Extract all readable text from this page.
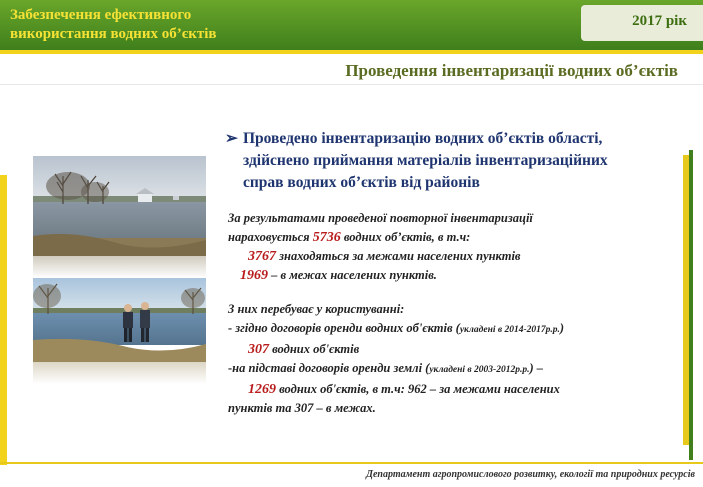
Забезпечення ефективного
використання водних об’єктів
2017 рік
Проведення інвентаризації водних об’єктів
➢ Проведено інвентаризацію водних об’єктів області,
здійснено приймання матеріалів інвентаризаційних
справ водних об’єктів від районів

За результатами проведеної повторної інвентаризації

нараховується 5736 водних об’єктів, в т.ч:

3767 знаходяться за межами населених пунктів

1969 – в межах населених пунктів.

З них перебуває у користуванні:

- згідно договорів оренди водних об'єктів (укладені в 2014-2017р.р.)

307 водних об'єктів

-на підставі договорів оренди землі (укладені в 2003-2012р.р.) –

1269 водних об'єктів, в т.ч: 962 – за межами населених

пунктів та 307 – в межах.

Департамент агропромислового розвитку, екології та природних ресурсів
